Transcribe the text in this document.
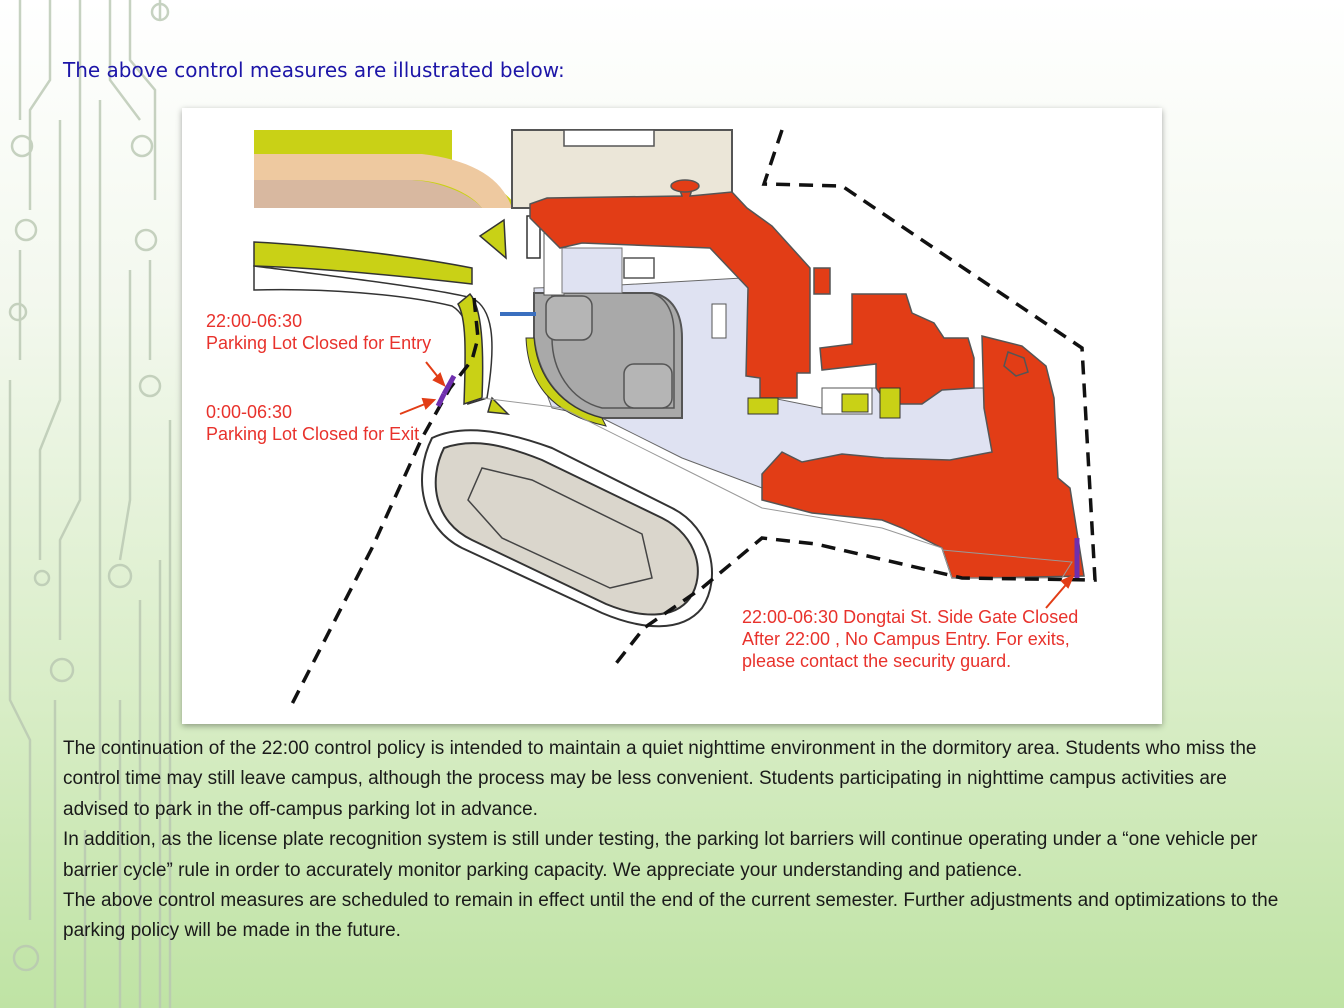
The above control measures are illustrated below:
22:00-06:30
Parking Lot Closed for Entry
0:00-06:30
Parking Lot Closed for Exit
22:00-06:30 Dongtai St. Side Gate Closed
After 22:00 , No Campus Entry. For exits,
please contact the security guard.

The continuation of the 22:00 control policy is intended to maintain a quiet nighttime environment in the dormitory area. Students who miss the control time may still leave campus, although the process may be less convenient. Students participating in nighttime campus activities are advised to park in the off-campus parking lot in advance.

In addition, as the license plate recognition system is still under testing, the parking lot barriers will continue operating under a “one vehicle per barrier cycle” rule in order to accurately monitor parking capacity. We appreciate your understanding and patience.

The above control measures are scheduled to remain in effect until the end of the current semester. Further adjustments and optimizations to the parking policy will be made in the future.
